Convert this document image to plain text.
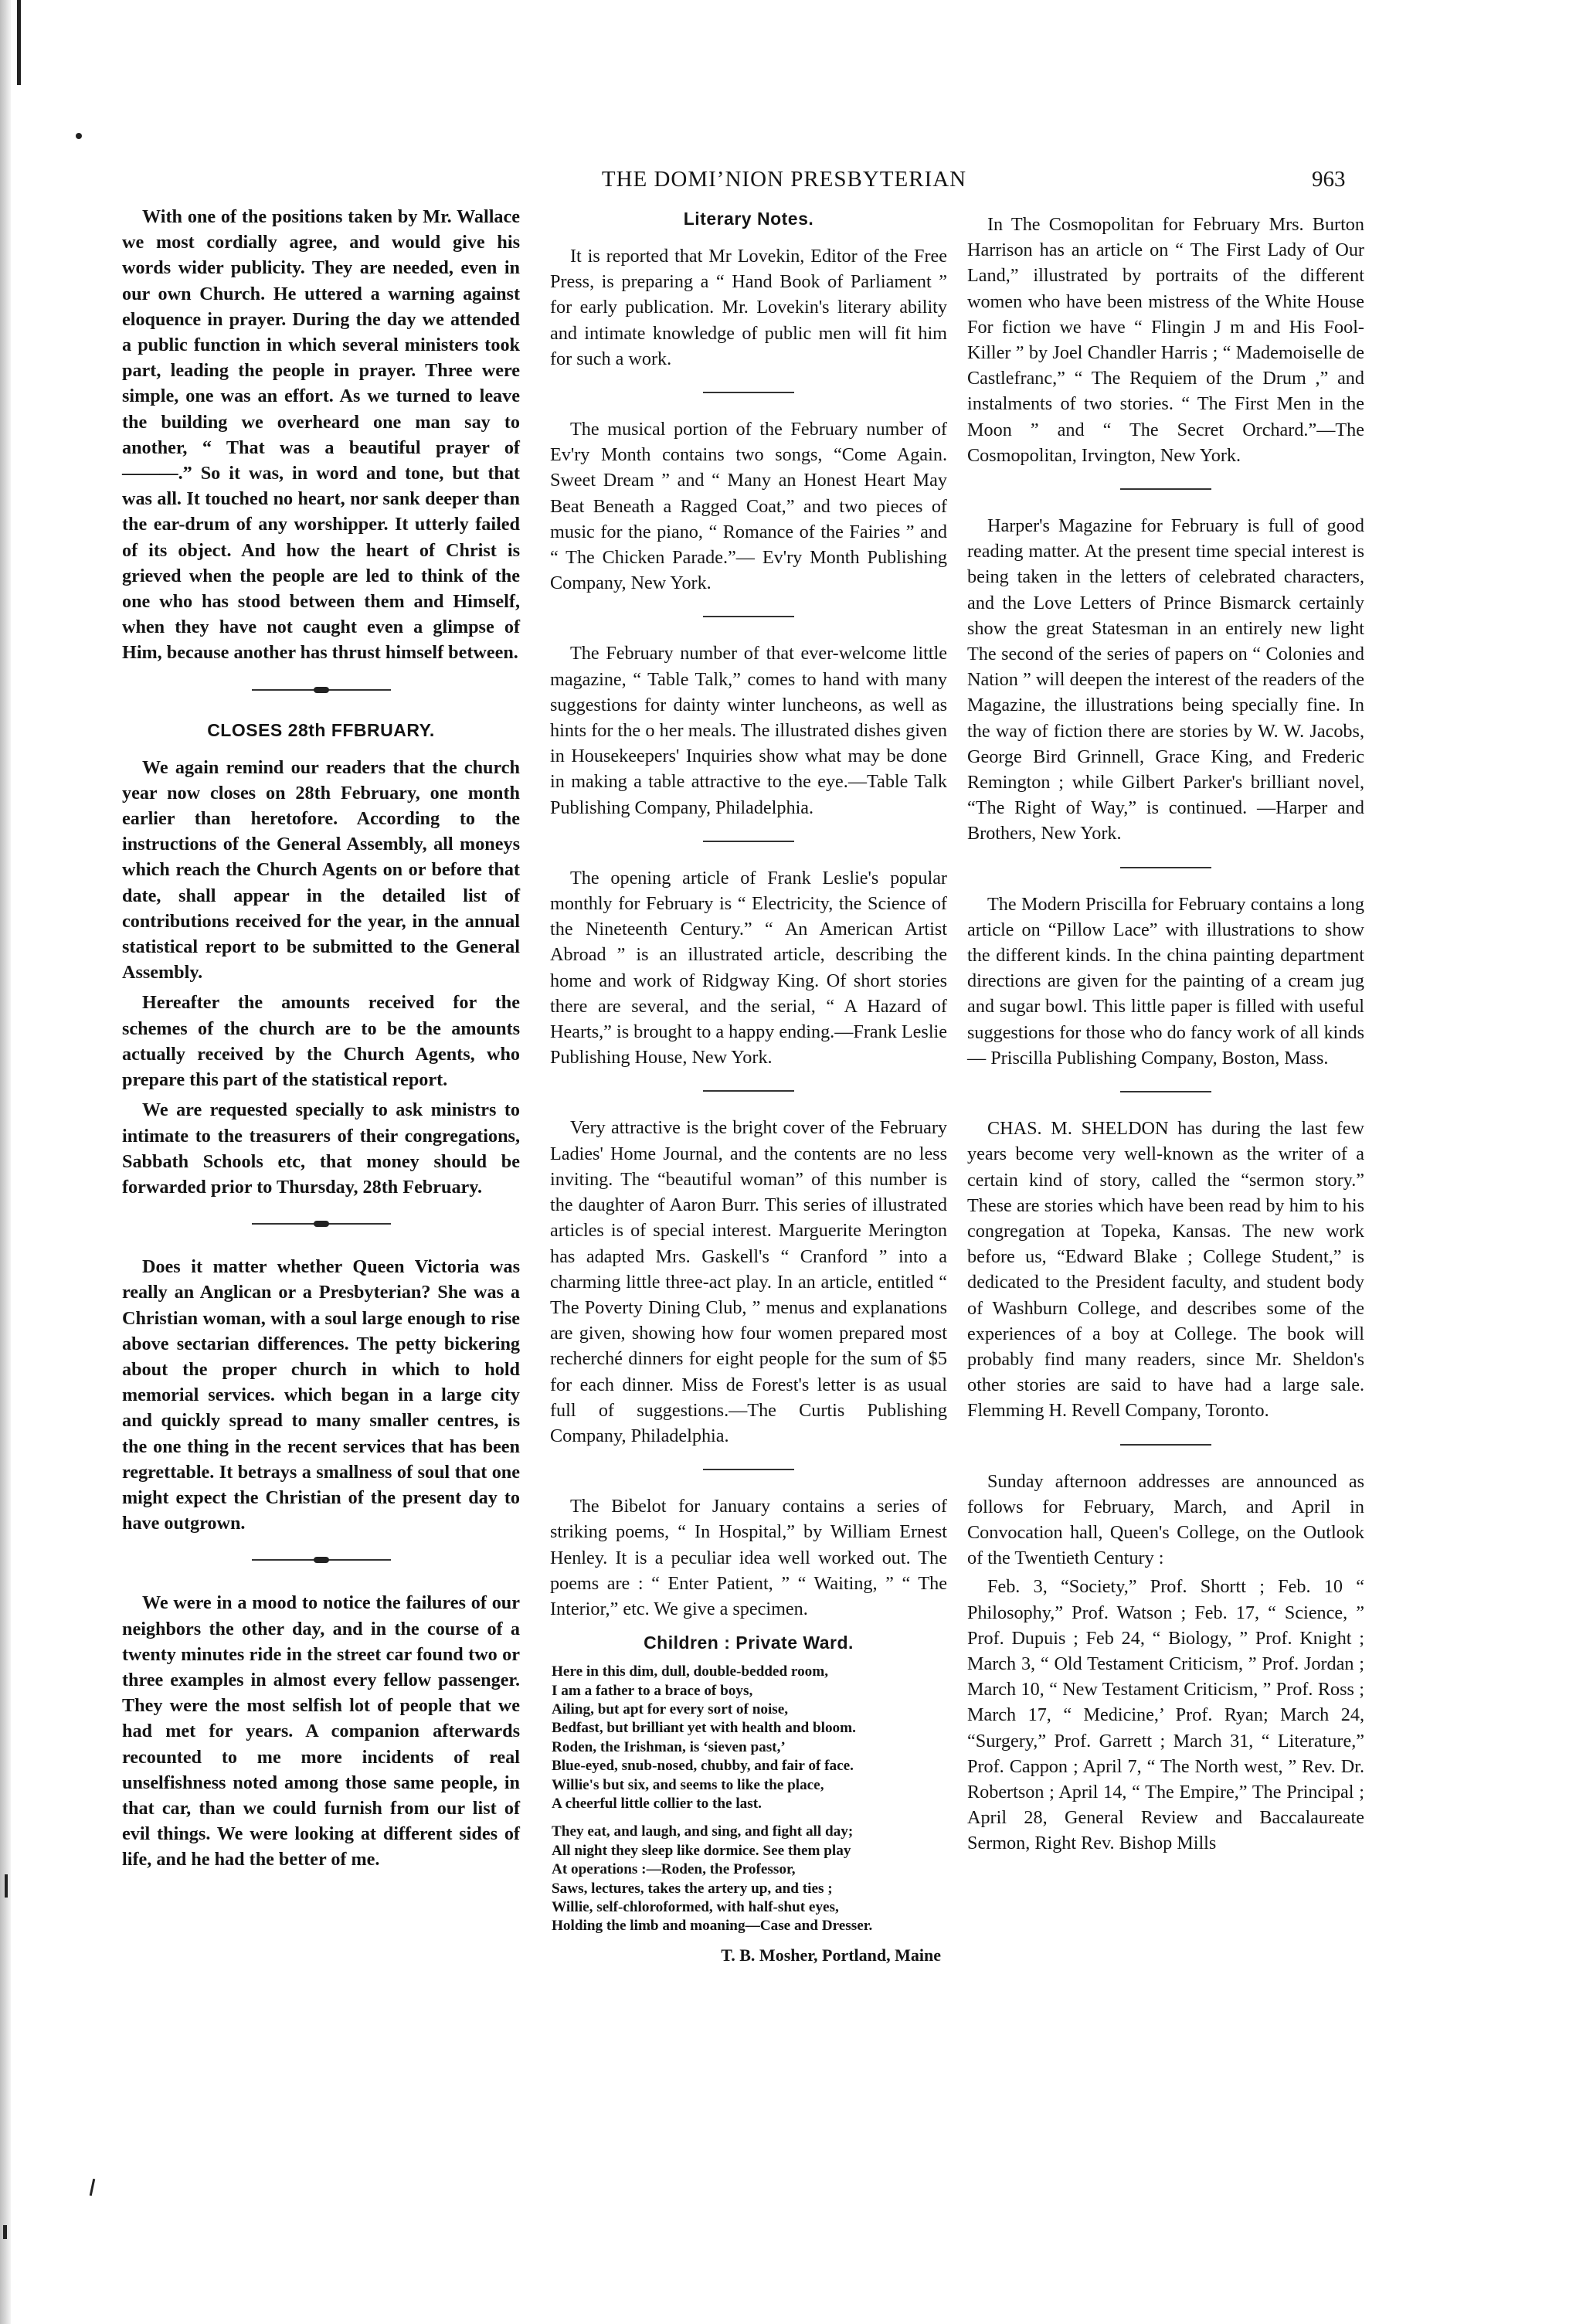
THE DOMI’NION PRESBYTERIAN	963

With one of the positions taken by Mr. Wallace we most cordially agree, and would give his words wider publicity. They are needed, even in our own Church. He uttered a warning against eloquence in prayer. During the day we attended a public function in which several ministers took part, leading the people in prayer. Three were simple, one was an effort. As we turned to leave the building we overheard one man say to another, “ That was a beautiful prayer of ———.” So it was, in word and tone, but that was all. It touched no heart, nor sank deeper than the ear-drum of any worshipper. It utterly failed of its object. And how the heart of Christ is grieved when the people are led to think of the one who has stood between them and Himself, when they have not caught even a glimpse of Him, because another has thrust himself between.

CLOSES 28th FFBRUARY.

We again remind our readers that the church year now closes on 28th February, one month earlier than heretofore. According to the instructions of the General Assembly, all moneys which reach the Church Agents on or before that date, shall appear in the detailed list of contributions received for the year, in the annual statistical report to be submitted to the General Assembly.

Hereafter the amounts received for the schemes of the church are to be the amounts actually received by the Church Agents, who prepare this part of the statistical report.

We are requested specially to ask ministrs to intimate to the treasurers of their congregations, Sabbath Schools etc, that money should be forwarded prior to Thursday, 28th February.

Does it matter whether Queen Victoria was really an Anglican or a Presbyterian? She was a Christian woman, with a soul large enough to rise above sectarian differences. The petty bickering about the proper church in which to hold memorial services. which began in a large city and quickly spread to many smaller centres, is the one thing in the recent services that has been regrettable. It betrays a smallness of soul that one might expect the Christian of the present day to have outgrown.

We were in a mood to notice the failures of our neighbors the other day, and in the course of a twenty minutes ride in the street car found two or three examples in almost every fellow passenger. They were the most selfish lot of people that we had met for years. A companion afterwards recounted to me more incidents of real unselfishness noted among those same people, in that car, than we could furnish from our list of evil things. We were looking at different sides of life, and he had the better of me.

Literary Notes.

It is reported that Mr Lovekin, Editor of the Free Press, is preparing a “ Hand Book of Parliament ” for early publication. Mr. Lovekin's literary ability and intimate knowledge of public men will fit him for such a work.

The musical portion of the February number of Ev'ry Month contains two songs, “Come Again. Sweet Dream ” and “ Many an Honest Heart May Beat Beneath a Ragged Coat,” and two pieces of music for the piano, “ Romance of the Fairies ” and “ The Chicken Parade.”— Ev'ry Month Publishing Company, New York.

The February number of that ever-welcome little magazine, “ Table Talk,” comes to hand with many suggestions for dainty winter luncheons, as well as hints for the o her meals. The illustrated dishes given in Housekeepers' Inquiries show what may be done in making a table attractive to the eye.—Table Talk Publishing Company, Philadelphia.

The opening article of Frank Leslie's popular monthly for February is “ Electricity, the Science of the Nineteenth Century.” “ An American Artist Abroad ” is an illustrated article, describing the home and work of Ridgway King. Of short stories there are several, and the serial, “ A Hazard of Hearts,” is brought to a happy ending.—Frank Leslie Publishing House, New York.

Very attractive is the bright cover of the February Ladies' Home Journal, and the contents are no less inviting. The “beautiful woman” of this number is the daughter of Aaron Burr. This series of illustrated articles is of special interest. Marguerite Merington has adapted Mrs. Gaskell's “ Cranford ” into a charming little three-act play. In an article, entitled “ The Poverty Dining Club, ” menus and explanations are given, showing how four women prepared most recherché dinners for eight people for the sum of $5 for each dinner. Miss de Forest's letter is as usual full of suggestions.—The Curtis Publishing Company, Philadelphia.

The Bibelot for January contains a series of striking poems, “ In Hospital,” by William Ernest Henley. It is a peculiar idea well worked out. The poems are : “ Enter Patient, ” “ Waiting, ” “ The Interior,” etc. We give a specimen.

Children : Private Ward.
Here in this dim, dull, double-bedded room,
I am a father to a brace of boys,
Ailing, but apt for every sort of noise,
Bedfast, but brilliant yet with health and bloom.
Roden, the Irishman, is ‘sieven past,’
Blue-eyed, snub-nosed, chubby, and fair of face.
Willie's but six, and seems to like the place,
A cheerful little collier to the last.
They eat, and laugh, and sing, and fight all day;
All night they sleep like dormice. See them play
At operations :—Roden, the Professor,
Saws, lectures, takes the artery up, and ties ;
Willie, self-chloroformed, with half-shut eyes,
Holding the limb and moaning—Case and Dresser.
T. B. Mosher, Portland, Maine

In The Cosmopolitan for February Mrs. Burton Harrison has an article on “ The First Lady of Our Land,” illustrated by portraits of the different women who have been mistress of the White House For fiction we have “ Flingin J m and His Fool-Killer ” by Joel Chandler Harris ; “ Mademoiselle de Castlefranc,” “ The Requiem of the Drum ,” and instalments of two stories. “ The First Men in the Moon ” and “ The Secret Orchard.”—The Cosmopolitan, Irvington, New York.

Harper's Magazine for February is full of good reading matter. At the present time special interest is being taken in the letters of celebrated characters, and the Love Letters of Prince Bismarck certainly show the great Statesman in an entirely new light The second of the series of papers on “ Colonies and Nation ” will deepen the interest of the readers of the Magazine, the illustrations being specially fine. In the way of fiction there are stories by W. W. Jacobs, George Bird Grinnell, Grace King, and Frederic Remington ; while Gilbert Parker's brilliant novel, “The Right of Way,” is continued. —Harper and Brothers, New York.

The Modern Priscilla for February contains a long article on “Pillow Lace” with illustrations to show the different kinds. In the china painting department directions are given for the painting of a cream jug and sugar bowl. This little paper is filled with useful suggestions for those who do fancy work of all kinds — Priscilla Publishing Company, Boston, Mass.

CHAS. M. SHELDON has during the last few years become very well-known as the writer of a certain kind of story, called the “sermon story.” These are stories which have been read by him to his congregation at Topeka, Kansas. The new work before us, “Edward Blake ; College Student,” is dedicated to the President faculty, and student body of Washburn College, and describes some of the experiences of a boy at College. The book will probably find many readers, since Mr. Sheldon's other stories are said to have had a large sale. Flemming H. Revell Company, Toronto.

Sunday afternoon addresses are announced as follows for February, March, and April in Convocation hall, Queen's College, on the Outlook of the Twentieth Century :

Feb. 3, “Society,” Prof. Shortt ; Feb. 10 “ Philosophy,” Prof. Watson ; Feb. 17, “ Science, ” Prof. Dupuis ; Feb 24, “ Biology, ” Prof. Knight ; March 3, “ Old Testament Criticism, ” Prof. Jordan ; March 10, “ New Testament Criticism, ” Prof. Ross ; March 17, “ Medicine,’ Prof. Ryan; March 24, “Surgery,” Prof. Garrett ; March 31, “ Literature,” Prof. Cappon ; April 7, “ The North west, ” Rev. Dr. Robertson ; April 14, “ The Empire,” The Principal ; April 28, General Review and Baccalaureate Sermon, Right Rev. Bishop Mills
